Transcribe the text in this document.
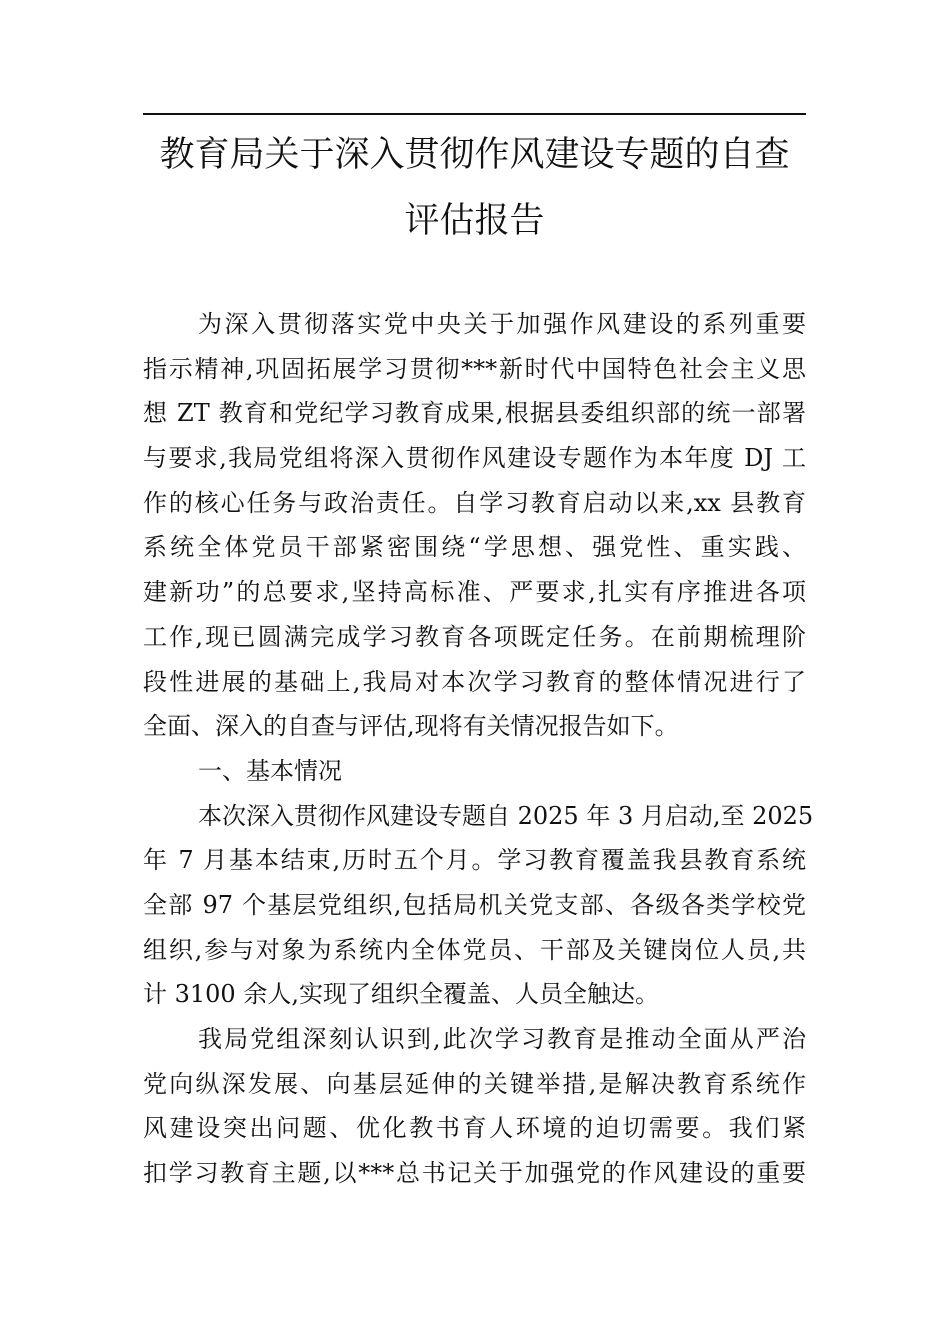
教育局关于深入贯彻作风建设专题的自查
评估报告
为深入贯彻落实党中央关于加强作风建设的系列重要
指示精神,巩固拓展学习贯彻***新时代中国特色社会主义思
想 ZT 教育和党纪学习教育成果,根据县委组织部的统一部署
与要求,我局党组将深入贯彻作风建设专题作为本年度 DJ 工
作的核心任务与政治责任。自学习教育启动以来,xx 县教育
系统全体党员干部紧密围绕“学思想、强党性、重实践、
建新功”的总要求,坚持高标准、严要求,扎实有序推进各项
工作,现已圆满完成学习教育各项既定任务。在前期梳理阶
段性进展的基础上,我局对本次学习教育的整体情况进行了
全面、深入的自查与评估,现将有关情况报告如下。
一、基本情况
本次深入贯彻作风建设专题自 2025 年 3 月启动,至 2025
年 7 月基本结束,历时五个月。学习教育覆盖我县教育系统
全部 97 个基层党组织,包括局机关党支部、各级各类学校党
组织,参与对象为系统内全体党员、干部及关键岗位人员,共
计 3100 余人,实现了组织全覆盖、人员全触达。
我局党组深刻认识到,此次学习教育是推动全面从严治
党向纵深发展、向基层延伸的关键举措,是解决教育系统作
风建设突出问题、优化教书育人环境的迫切需要。我们紧
扣学习教育主题,以***总书记关于加强党的作风建设的重要
